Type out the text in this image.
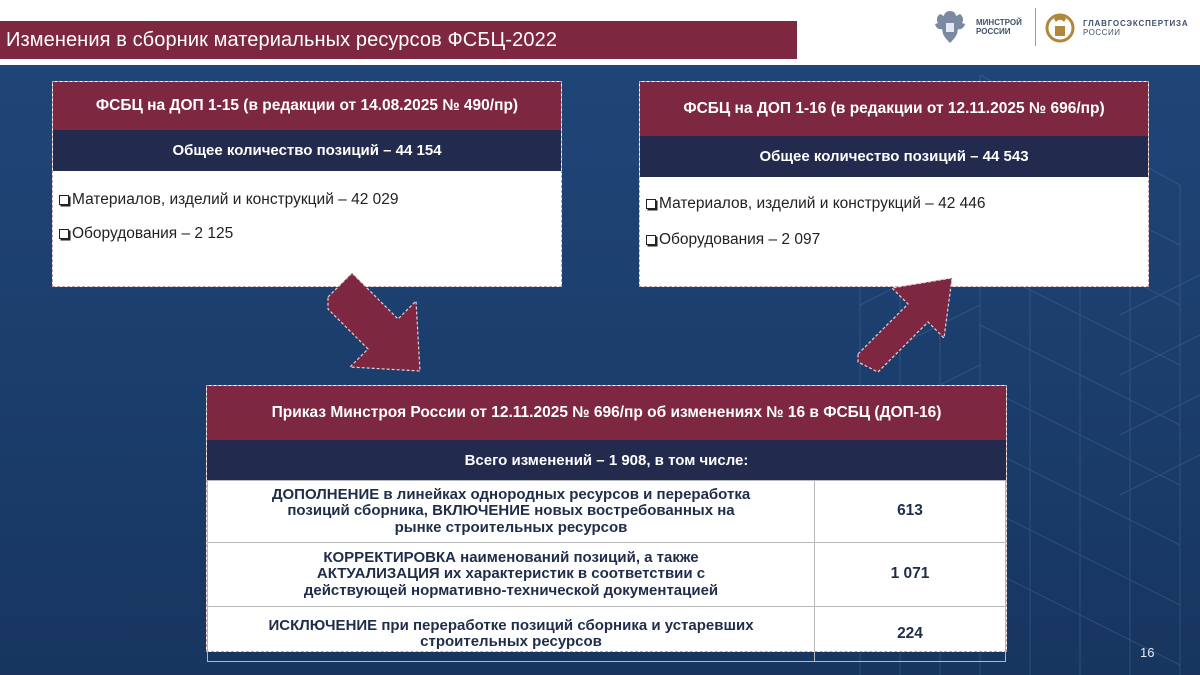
Изменения в сборник материальных ресурсов ФСБЦ-2022
МИНСТРОЙ
РОССИИ
ГЛАВГОСЭКСПЕРТИЗА
РОССИИ
ФСБЦ на ДОП 1-15 (в редакции от 14.08.2025 № 490/пр)
Общее количество позиций – 44 154
Материалов, изделий и конструкций – 42 029
Оборудования – 2 125
ФСБЦ на ДОП 1-16 (в редакции от 12.11.2025 № 696/пр)
Общее количество позиций – 44 543
Материалов, изделий и конструкций – 42 446
Оборудования – 2 097
Приказ Минстроя России от 12.11.2025 № 696/пр об изменениях № 16 в ФСБЦ (ДОП-16)
Всего изменений – 1 908, в том числе:
ДОПОЛНЕНИЕ в линейках однородных ресурсов и переработка
позиций сборника, ВКЛЮЧЕНИЕ новых востребованных на
рынке строительных ресурсов	613

КОРРЕКТИРОВКА наименований позиций, а также
АКТУАЛИЗАЦИЯ их характеристик в соответствии с
действующей нормативно-технической документацией	1 071

ИСКЛЮЧЕНИЕ при переработке позиций сборника и устаревших
строительных ресурсов	224
16
